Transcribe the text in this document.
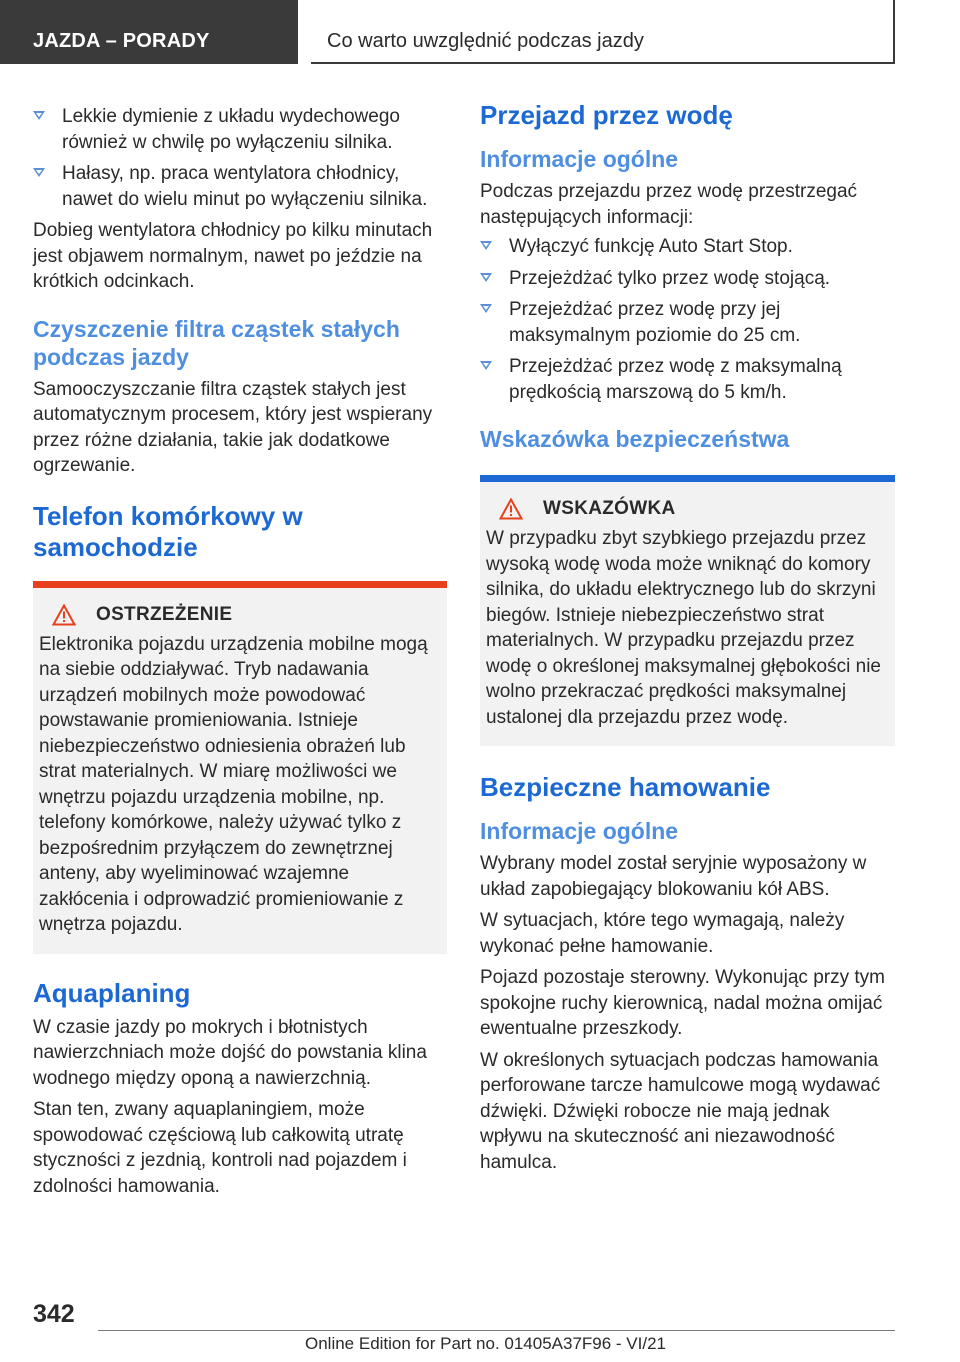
JAZDA – PORADY	Co warto uwzględnić podczas jazdy
Lekkie dymienie z układu wydechowego również w chwilę po wyłączeniu silnika.
Hałasy, np. praca wentylatora chłodnicy, nawet do wielu minut po wyłączeniu silnika.

Dobieg wentylatora chłodnicy po kilku minutach jest objawem normalnym, nawet po jeździe na krótkich odcinkach.

Czyszczenie filtra cząstek stałych podczas jazdy

Samooczyszczanie filtra cząstek stałych jest automatycznym procesem, który jest wspierany przez różne działania, takie jak dodatkowe ogrzewanie.

Telefon komórkowy w samochodzie
OSTRZEŻENIE

Elektronika pojazdu urządzenia mobilne mogą na siebie oddziaływać. Tryb nadawania urządzeń mobilnych może powodować powstawanie promieniowania. Istnieje niebezpieczeństwo odniesienia obrażeń lub strat materialnych. W miarę możliwości we wnętrzu pojazdu urządzenia mobilne, np. telefony komórkowe, należy używać tylko z bezpośrednim przyłączem do zewnętrznej anteny, aby wyeliminować wzajemne zakłócenia i odprowadzić promieniowanie z wnętrza pojazdu.

Aquaplaning

W czasie jazdy po mokrych i błotnistych nawierzchniach może dojść do powstania klina wodnego między oponą a nawierzchnią.

Stan ten, zwany aquaplaningiem, może spowodować częściową lub całkowitą utratę styczności z jezdnią, kontroli nad pojazdem i zdolności hamowania.

Przejazd przez wodę
Informacje ogólne

Podczas przejazdu przez wodę przestrzegać następujących informacji:

Wyłączyć funkcję Auto Start Stop.
Przejeżdżać tylko przez wodę stojącą.
Przejeżdżać przez wodę przy jej maksymalnym poziomie do 25 cm.
Przejeżdżać przez wodę z maksymalną prędkością marszową do 5 km/h.
Wskazówka bezpieczeństwa
WSKAZÓWKA

W przypadku zbyt szybkiego przejazdu przez wysoką wodę woda może wniknąć do komory silnika, do układu elektrycznego lub do skrzyni biegów. Istnieje niebezpieczeństwo strat materialnych. W przypadku przejazdu przez wodę o określonej maksymalnej głębokości nie wolno przekraczać prędkości maksymalnej ustalonej dla przejazdu przez wodę.

Bezpieczne hamowanie
Informacje ogólne

Wybrany model został seryjnie wyposażony w układ zapobiegający blokowaniu kół ABS.

W sytuacjach, które tego wymagają, należy wykonać pełne hamowanie.

Pojazd pozostaje sterowny. Wykonując przy tym spokojne ruchy kierownicą, nadal można omijać ewentualne przeszkody.

W określonych sytuacjach podczas hamowania perforowane tarcze hamulcowe mogą wydawać dźwięki. Dźwięki robocze nie mają jednak wpływu na skuteczność ani niezawodność hamulca.

342
Online Edition for Part no. 01405A37F96 - VI/21
